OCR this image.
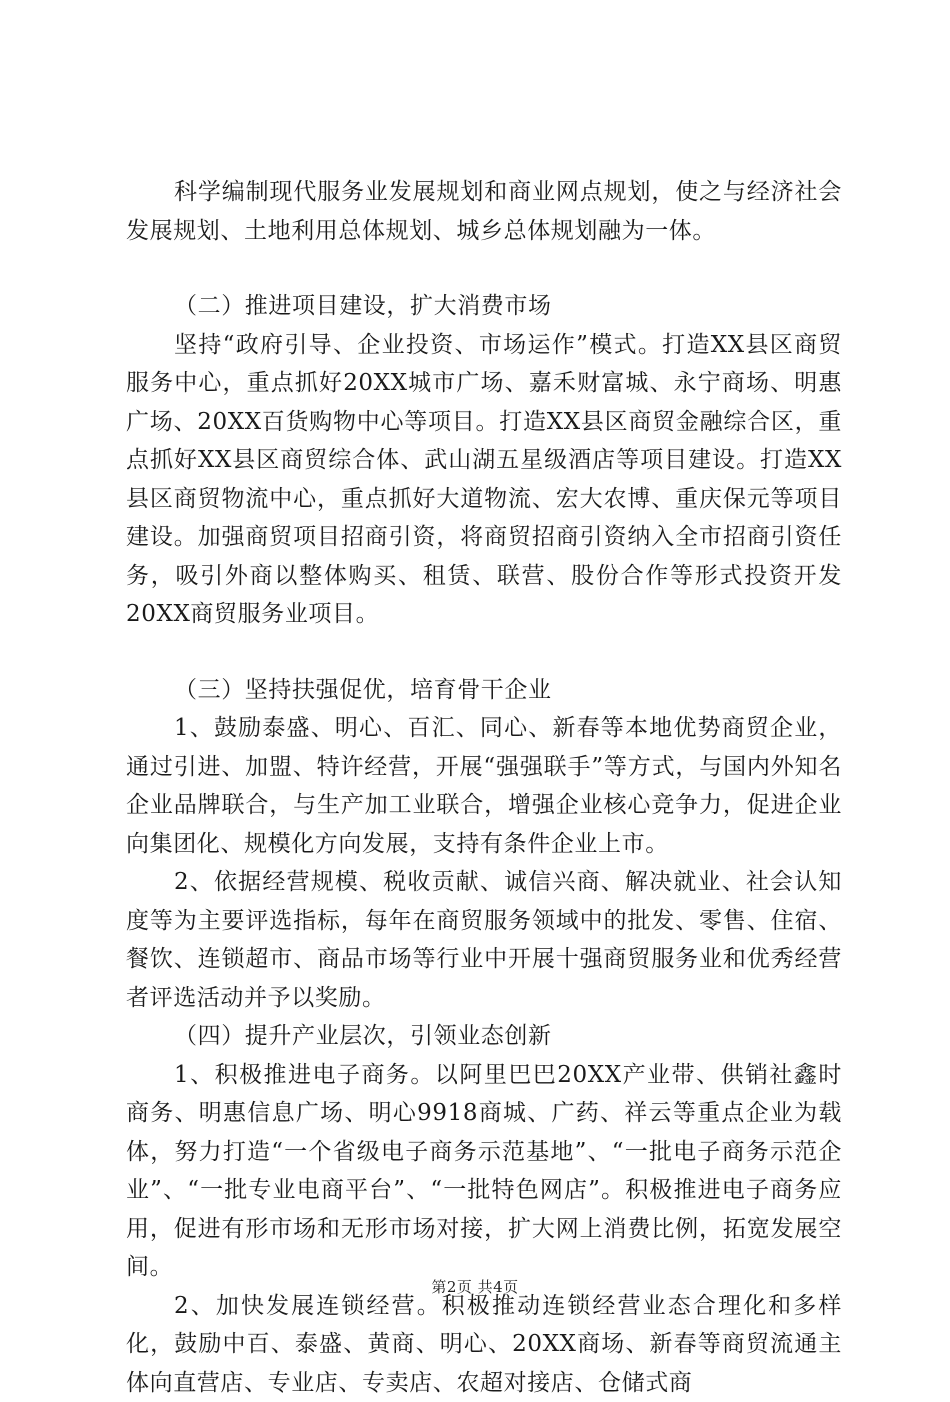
科学编制现代服务业发展规划和商业网点规划，使之与经济社会发展规划、土地利用总体规划、城乡总体规划融为一体。

（二）推进项目建设，扩大消费市场

坚持“政府引导、企业投资、市场运作”模式。打造XX县区商贸服务中心，重点抓好20XX城市广场、嘉禾财富城、永宁商场、明惠广场、20XX百货购物中心等项目。打造XX县区商贸金融综合区，重点抓好XX县区商贸综合体、武山湖五星级酒店等项目建设。打造XX县区商贸物流中心，重点抓好大道物流、宏大农博、重庆保元等项目建设。加强商贸项目招商引资，将商贸招商引资纳入全市招商引资任务，吸引外商以整体购买、租赁、联营、股份合作等形式投资开发20XX商贸服务业项目。

（三）坚持扶强促优，培育骨干企业

1、鼓励泰盛、明心、百汇、同心、新春等本地优势商贸企业，通过引进、加盟、特许经营，开展“强强联手”等方式，与国内外知名企业品牌联合，与生产加工业联合，增强企业核心竞争力，促进企业向集团化、规模化方向发展，支持有条件企业上市。

2、依据经营规模、税收贡献、诚信兴商、解决就业、社会认知度等为主要评选指标，每年在商贸服务领域中的批发、零售、住宿、餐饮、连锁超市、商品市场等行业中开展十强商贸服务业和优秀经营者评选活动并予以奖励。

（四）提升产业层次，引领业态创新

1、积极推进电子商务。以阿里巴巴20XX产业带、供销社鑫时商务、明惠信息广场、明心9918商城、广药、祥云等重点企业为载体，努力打造“一个省级电子商务示范基地”、“一批电子商务示范企业”、“一批专业电商平台”、“一批特色网店”。积极推进电子商务应用，促进有形市场和无形市场对接，扩大网上消费比例，拓宽发展空间。

2、加快发展连锁经营。积极推动连锁经营业态合理化和多样化，鼓励中百、泰盛、黄商、明心、20XX商场、新春等商贸流通主体向直营店、专业店、专卖店、农超对接店、仓储式商

第2页 共4页
